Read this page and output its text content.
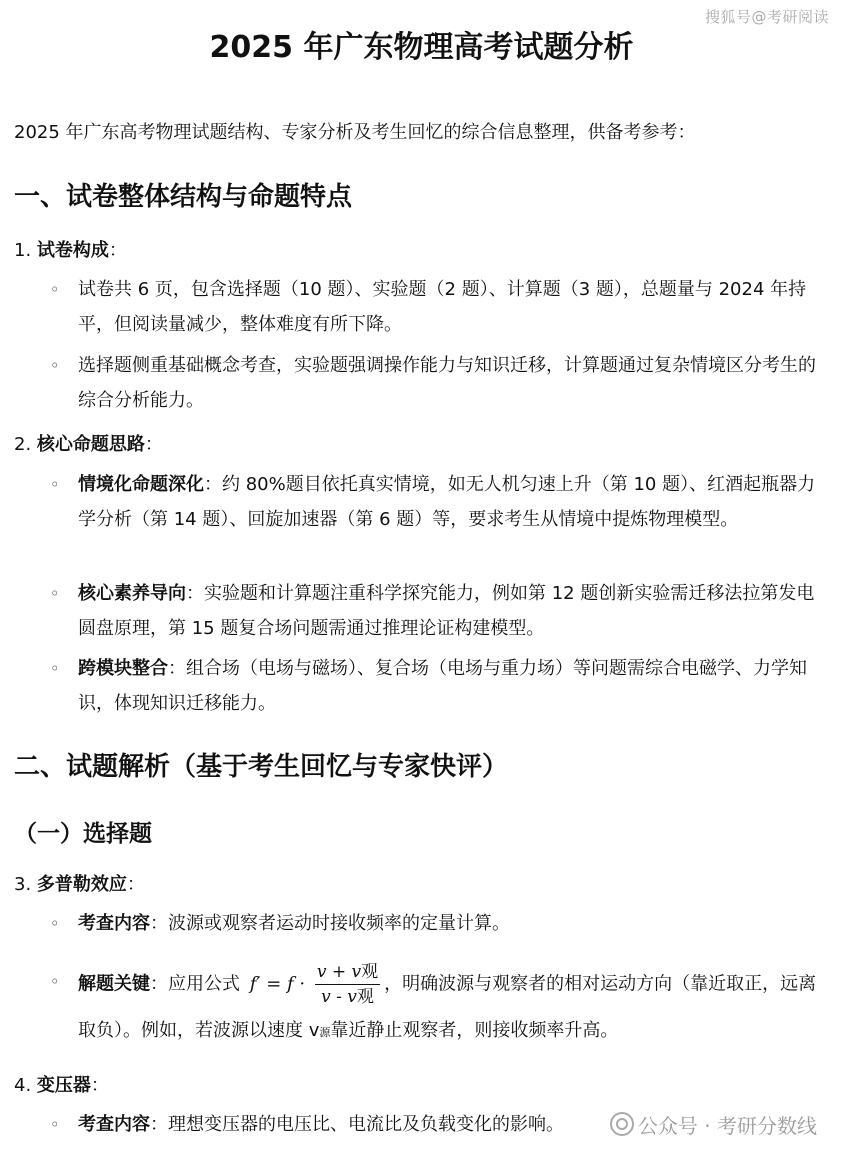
搜狐号@考研阅读
2025 年广东物理高考试题分析

2025 年广东高考物理试题结构、专家分析及考生回忆的综合信息整理，供备考参考：

一、试卷整体结构与命题特点

1. 试卷构成：

◦ 试卷共 6 页，包含选择题（10 题）、实验题（2 题）、计算题（3 题），总题量与 2024 年持平，但阅读量减少，整体难度有所下降。

◦ 选择题侧重基础概念考查，实验题强调操作能力与知识迁移，计算题通过复杂情境区分考生的综合分析能力。

2. 核心命题思路：

◦ 情境化命题深化：约 80%题目依托真实情境，如无人机匀速上升（第 10 题）、红酒起瓶器力学分析（第 14 题）、回旋加速器（第 6 题）等，要求考生从情境中提炼物理模型。

◦ 核心素养导向：实验题和计算题注重科学探究能力，例如第 12 题创新实验需迁移法拉第发电圆盘原理，第 15 题复合场问题需通过推理论证构建模型。

◦ 跨模块整合：组合场（电场与磁场）、复合场（电场与重力场）等问题需综合电磁学、力学知识，体现知识迁移能力。

二、试题解析（基于考生回忆与专家快评）
（一）选择题

3. 多普勒效应：

◦ 考查内容：波源或观察者运动时接收频率的定量计算。

◦ 解题关键：应用公式 $f' = f \cdot \frac{\text{v + v观}}{\text{v - v观}}$ ，明确波源与观察者的相对运动方向（靠近取正，远离取负）。例如，若波源以速度 v源靠近静止观察者，则接收频率升高。

4. 变压器：

◦ 考查内容：理想变压器的电压比、电流比及负载变化的影响。	公众号 · 考研分数线
